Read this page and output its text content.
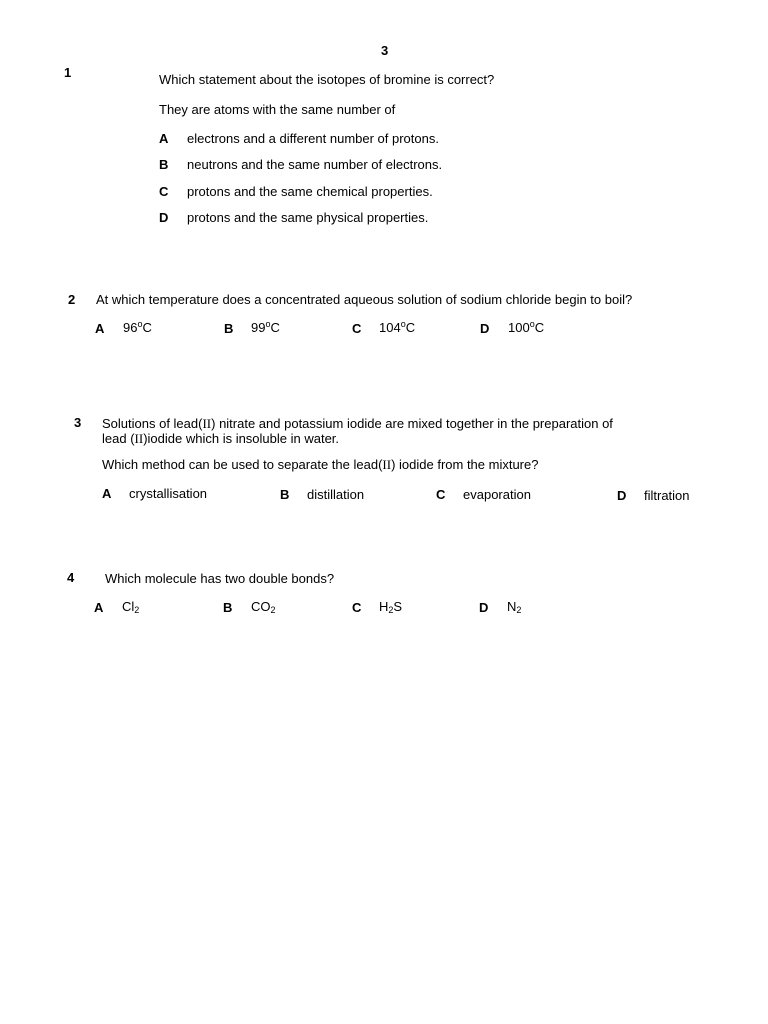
3
1	Which statement about the isotopes of bromine is correct?
They are atoms with the same number of
A electrons and a different number of protons.
B neutrons and the same number of electrons.
C protons and the same chemical properties.
D protons and the same physical properties.
2 At which temperature does a concentrated aqueous solution of sodium chloride begin to boil?
A 96$^o$C	B 99$^o$C	C 104$^o$C	D 100$^o$C
3 Solutions of lead(II) nitrate and potassium iodide are mixed together in the preparation of
lead (II)iodide which is insoluble in water.
Which method can be used to separate the lead(II) iodide from the mixture?
A crystallisation	B distillation	C evaporation	D filtration
4 Which molecule has two double bonds?
A Cl2	B CO2	C H2S	D N2
